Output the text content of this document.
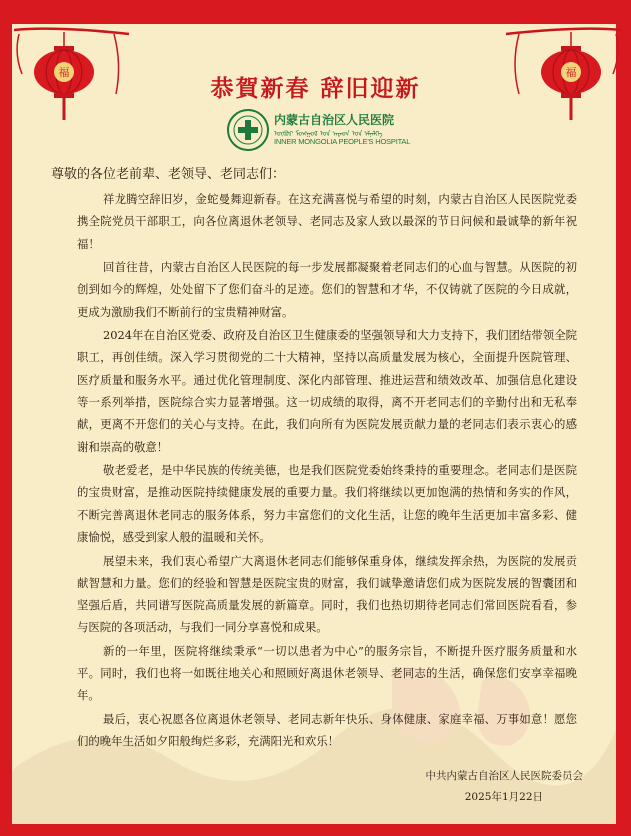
福	福
恭賀新春 辞旧迎新
内蒙古自治区人民医院
ᠦᠪᠦᠷ ᠮᠣᠩᠭᠣᠯ ᠤᠨ ᠠᠷᠠᠳ ᠤᠨ ᠡᠮᠨᠡᠯᠭᠡ
INNER MONGOLIA PEOPLE'S HOSPITAL
尊敬的各位老前辈、老领导、老同志们：

祥龙腾空辞旧岁，金蛇曼舞迎新春。在这充满喜悦与希望的时刻，内蒙古自治区人民医院党委携全院党员干部职工，向各位离退休老领导、老同志及家人致以最深的节日问候和最诚挚的新年祝福！

回首往昔，内蒙古自治区人民医院的每一步发展都凝聚着老同志们的心血与智慧。从医院的初创到如今的辉煌，处处留下了您们奋斗的足迹。您们的智慧和才华，不仅铸就了医院的今日成就，更成为激励我们不断前行的宝贵精神财富。

2024年在自治区党委、政府及自治区卫生健康委的坚强领导和大力支持下，我们团结带领全院职工，再创佳绩。深入学习贯彻党的二十大精神，坚持以高质量发展为核心，全面提升医院管理、医疗质量和服务水平。通过优化管理制度、深化内部管理、推进运营和绩效改革、加强信息化建设等一系列举措，医院综合实力显著增强。这一切成绩的取得，离不开老同志们的辛勤付出和无私奉献，更离不开您们的关心与支持。在此，我们向所有为医院发展贡献力量的老同志们表示衷心的感谢和崇高的敬意！

敬老爱老，是中华民族的传统美德，也是我们医院党委始终秉持的重要理念。老同志们是医院的宝贵财富，是推动医院持续健康发展的重要力量。我们将继续以更加饱满的热情和务实的作风，不断完善离退休老同志的服务体系，努力丰富您们的文化生活，让您的晚年生活更加丰富多彩、健康愉悦，感受到家人般的温暖和关怀。

展望未来，我们衷心希望广大离退休老同志们能够保重身体，继续发挥余热，为医院的发展贡献智慧和力量。您们的经验和智慧是医院宝贵的财富，我们诚挚邀请您们成为医院发展的智囊团和坚强后盾，共同谱写医院高质量发展的新篇章。同时，我们也热切期待老同志们常回医院看看，参与医院的各项活动，与我们一同分享喜悦和成果。

新的一年里，医院将继续秉承“一切以患者为中心”的服务宗旨，不断提升医疗服务质量和水平。同时，我们也将一如既往地关心和照顾好离退休老领导、老同志的生活，确保您们安享幸福晚年。

最后，衷心祝愿各位离退休老领导、老同志新年快乐、身体健康、家庭幸福、万事如意！愿您们的晚年生活如夕阳般绚烂多彩，充满阳光和欢乐！

中共内蒙古自治区人民医院委员会
2025年1月22日
